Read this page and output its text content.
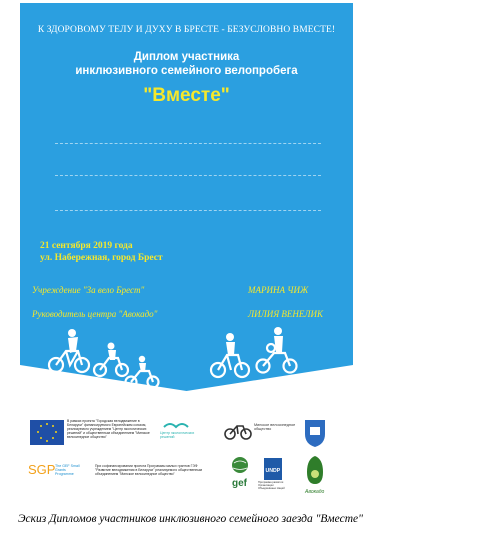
К ЗДОРОВОМУ ТЕЛУ И ДУХУ В БРЕСТЕ - БЕЗУСЛОВНО ВМЕСТЕ!
Диплом участника
инклюзивного семейного велопробега
"Вместе"
21 сентября 2019 года
ул. Набережная, город Брест
Учреждение "За вело Брест"	МАРИНА ЧИЖ
Руководитель центра "Авокадо"	ЛИЛИЯ ВЕНЕЛИК
В рамках проекта "Городская велодвижение в Беларуси" финансируемого Европейским союзом, реализуемого учреждением "Центр экологических решений" и общественным объединением "Минское велосипедное общество"
Центр экологических решений
Минское велосипедное общество
SGP The GEF Small Grants Programme
При софинансировании проекта Программы малых грантов ГЭФ "Развитие велодвижения в Беларуси" реализуемого общественным объединением "Минское велосипедное общество"
gef
UNDP
Программа развития Организации Объединённых Наций
Авокадо
Эскиз Дипломов участников инклюзивного семейного заезда "Вместе"
